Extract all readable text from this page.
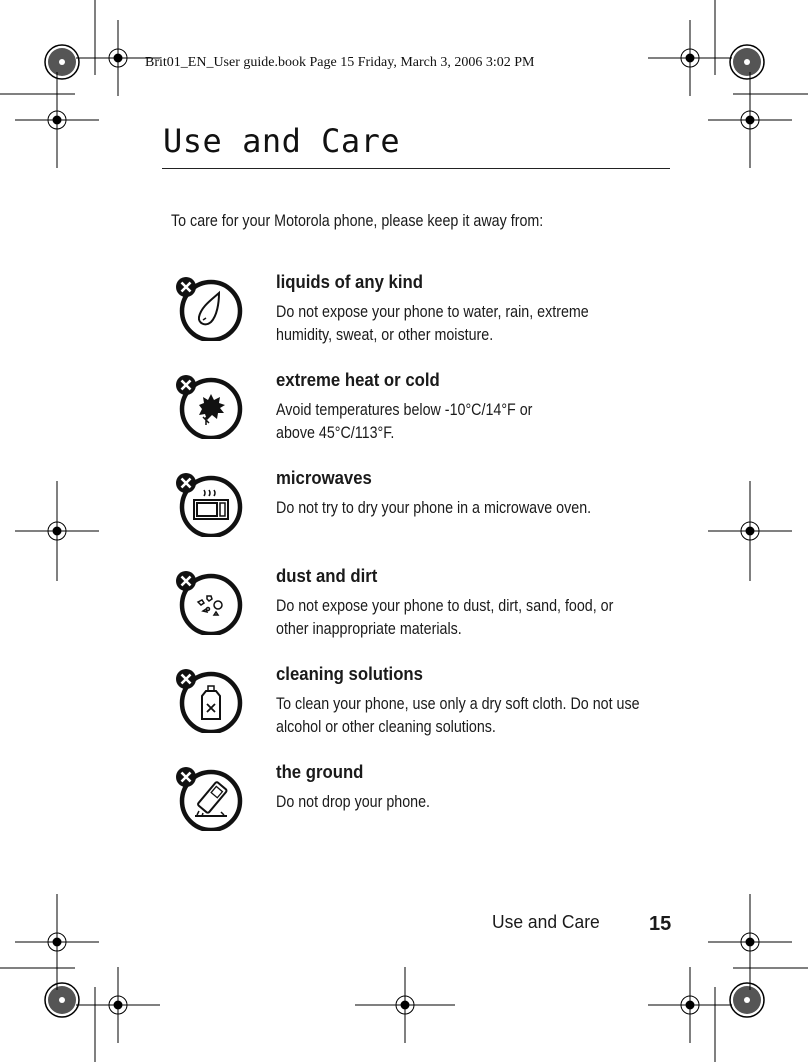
Brit01_EN_User guide.book Page 15 Friday, March 3, 2006 3:02 PM
Use and Care
To care for your Motorola phone, please keep it away from:
liquids of any kind
Do not expose your phone to water, rain, extreme
humidity, sweat, or other moisture.
extreme heat or cold
Avoid temperatures below -10°C/14°F or
above 45°C/113°F.
microwaves
Do not try to dry your phone in a microwave oven.
dust and dirt
Do not expose your phone to dust, dirt, sand, food, or
other inappropriate materials.
cleaning solutions
To clean your phone, use only a dry soft cloth. Do not use
alcohol or other cleaning solutions.
the ground
Do not drop your phone.
Use and Care 15
